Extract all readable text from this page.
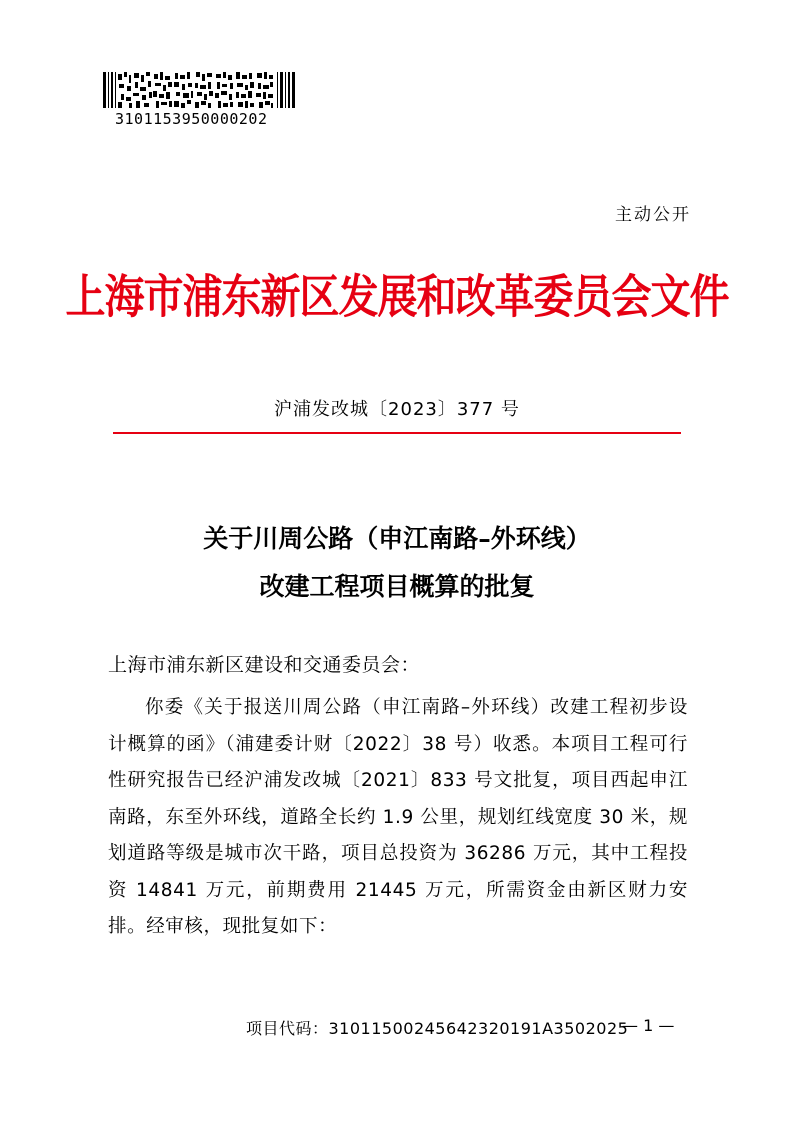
3101153950000202
主动公开
上海市浦东新区发展和改革委员会文件
沪浦发改城〔2023〕377 号
关于川周公路（申江南路–外环线）
改建工程项目概算的批复
上海市浦东新区建设和交通委员会：
你委《关于报送川周公路（申江南路–外环线）改建工程初步设计概算的函》（浦建委计财〔2022〕38 号）收悉。本项目工程可行性研究报告已经沪浦发改城〔2021〕833 号文批复，项目西起申江南路，东至外环线，道路全长约 1.9 公里，规划红线宽度 30 米，规划道路等级是城市次干路，项目总投资为 36286 万元，其中工程投资 14841 万元，前期费用 21445 万元，所需资金由新区财力安排。经审核，现批复如下：
项目代码：31011500245642320191A3502025
— 1 —
